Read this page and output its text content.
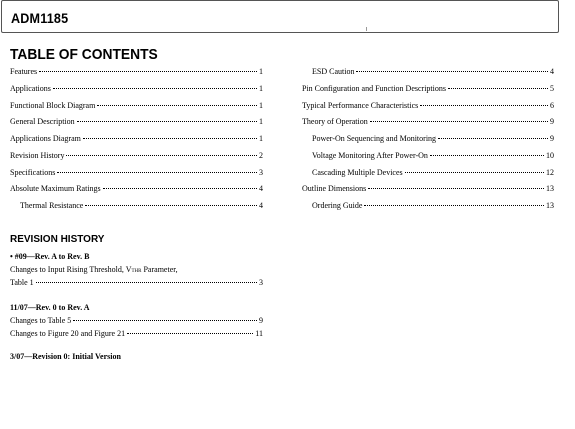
ADM1185
TABLE OF CONTENTS
Features	1
Applications	1
Functional Block Diagram	1
General Description	1
Applications Diagram	1
Revision History	2
Specifications	3
Absolute Maximum Ratings	4
Thermal Resistance	4
ESD Caution	4
Pin Configuration and Function Descriptions	5
Typical Performance Characteristics	6
Theory of Operation	9
Power-On Sequencing and Monitoring	9
Voltage Monitoring After Power-On	10
Cascading Multiple Devices	12
Outline Dimensions	13
Ordering Guide	13
REVISION HISTORY
• #09—Rev. A to Rev. B
Changes to Input Rising Threshold, VTHR Parameter,
Table 1	3
11/07—Rev. 0 to Rev. A
Changes to Table 5	9
Changes to Figure 20 and Figure 21	11
3/07—Revision 0: Initial Version
